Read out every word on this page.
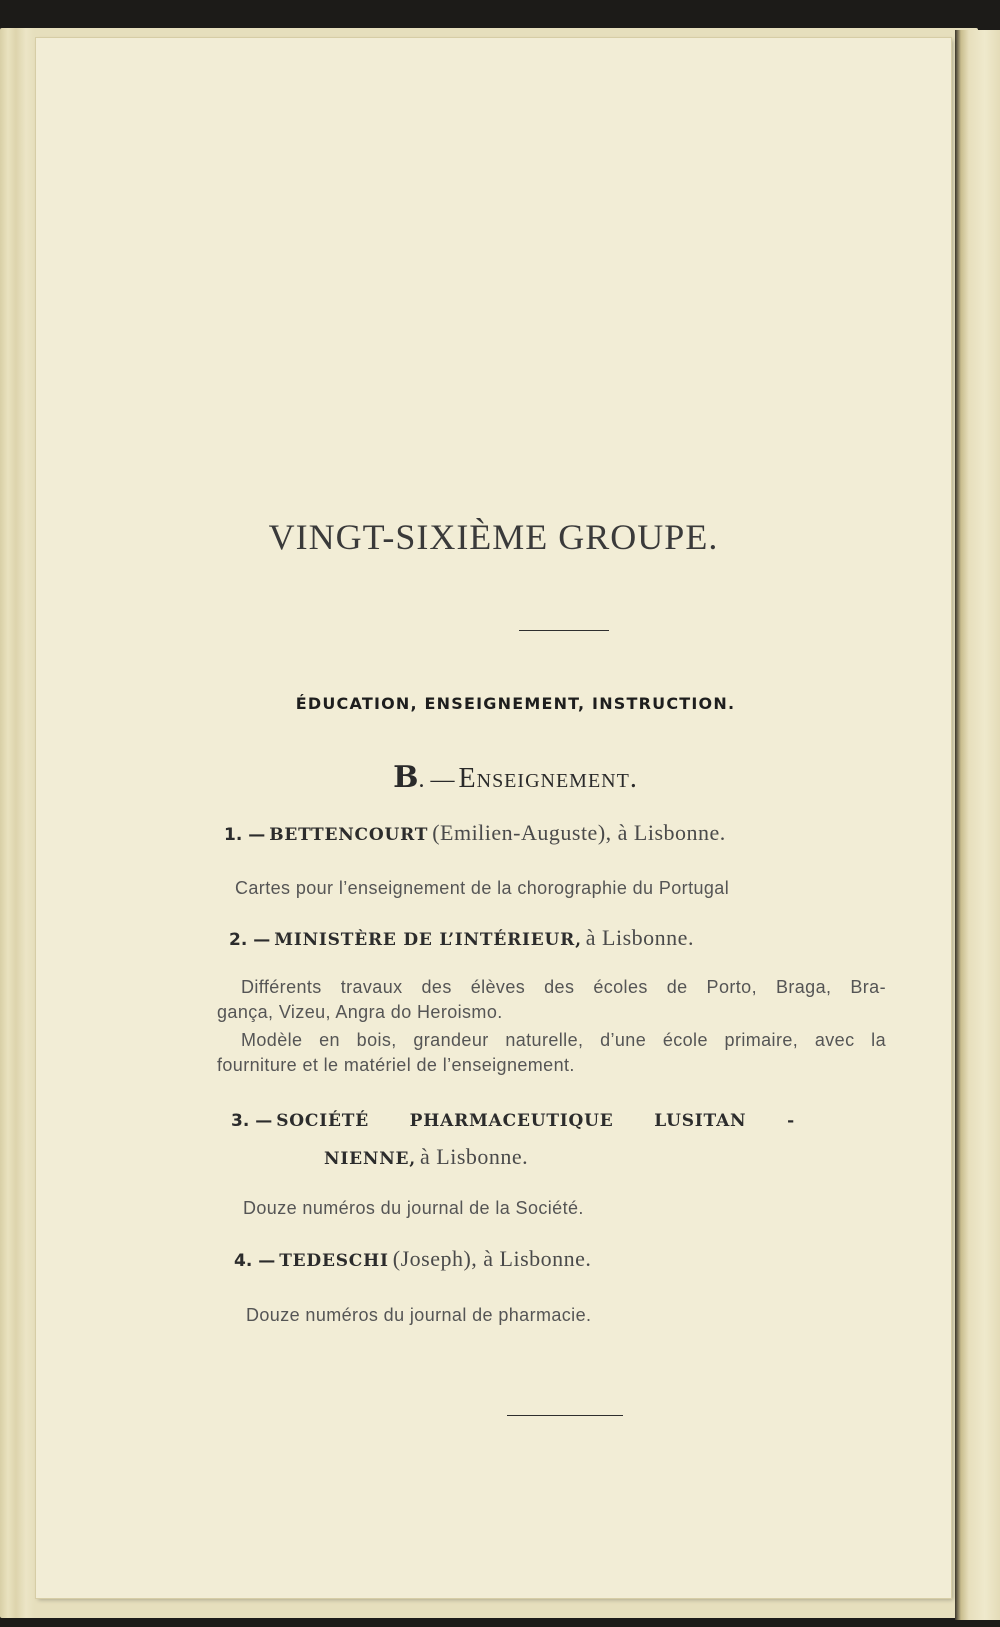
VINGT-SIXIÈME GROUPE.
ÉDUCATION, ENSEIGNEMENT, INSTRUCTION.
B. — Enseignement.
1. — BETTENCOURT (Emilien-Auguste), à Lisbonne.
Cartes pour l’enseignement de la chorographie du Portugal
2. — MINISTÈRE DE L’INTÉRIEUR, à Lisbonne.
Différents travaux des élèves des écoles de Porto, Braga, Bra-
gança, Vizeu, Angra do Heroismo.
Modèle en bois, grandeur naturelle, d’une école primaire, avec la
fourniture et le matériel de l’enseignement.
3. — SOCIÉTÉ PHARMACEUTIQUE LUSITAN -
NIENNE, à Lisbonne.
Douze numéros du journal de la Société.
4. — TEDESCHI (Joseph), à Lisbonne.
Douze numéros du journal de pharmacie.
